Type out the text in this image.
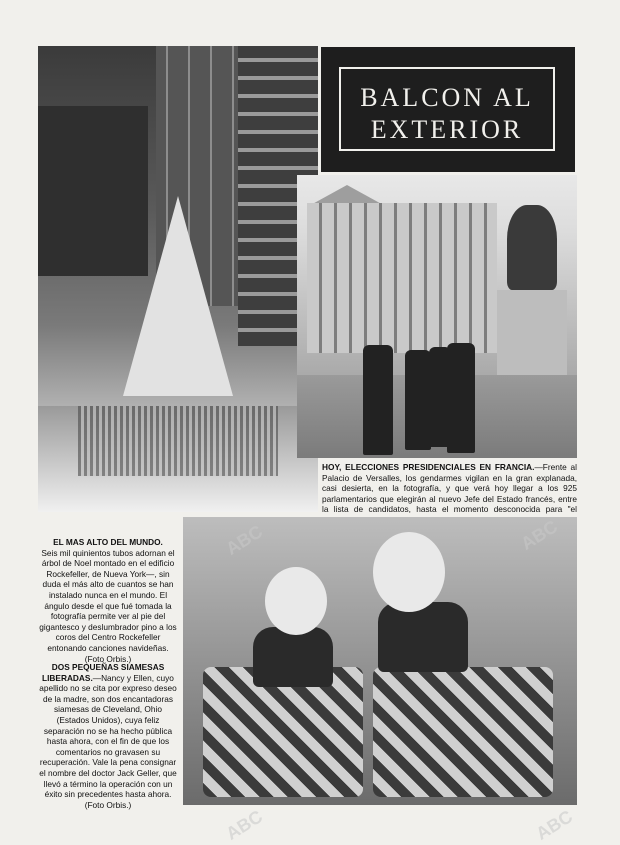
BALCON AL
EXTERIOR
HOY, ELECCIONES PRESIDENCIALES EN FRANCIA.—Frente al Palacio de Versalles, los gendarmes vigilan en la gran explanada, casi desierta, en la fotografía, y que verá hoy llegar a los 925 parlamentarios que elegirán al nuevo Jefe del Estado francés, entre la lista de candidatos, hasta el momento desconocida para "el
EL MAS ALTO DEL MUNDO.
Seis mil quinientos tubos adornan el árbol de Noel montado en el edificio Rockefeller, de Nueva York—, sin duda el más alto de cuantos se han instalado nunca en el mundo. El ángulo desde el que fué tomada la fotografía permite ver al pie del gigantesco y deslumbrador pino a los coros del Centro Rockefeller entonando canciones navideñas. (Foto Orbis.)
DOS PEQUEÑAS SIAMESAS LIBERADAS.—Nancy y Ellen, cuyo apellido no se cita por expreso deseo de la madre, son dos encantadoras siamesas de Cleveland, Ohio (Estados Unidos), cuya feliz separación no se ha hecho pública hasta ahora, con el fin de que los comentarios no gravasen su recuperación. Vale la pena consignar el nombre del doctor Jack Geller, que llevó a término la operación con un éxito sin precedentes hasta ahora. (Foto Orbis.)
ABC	ABC
ABC	ABC
